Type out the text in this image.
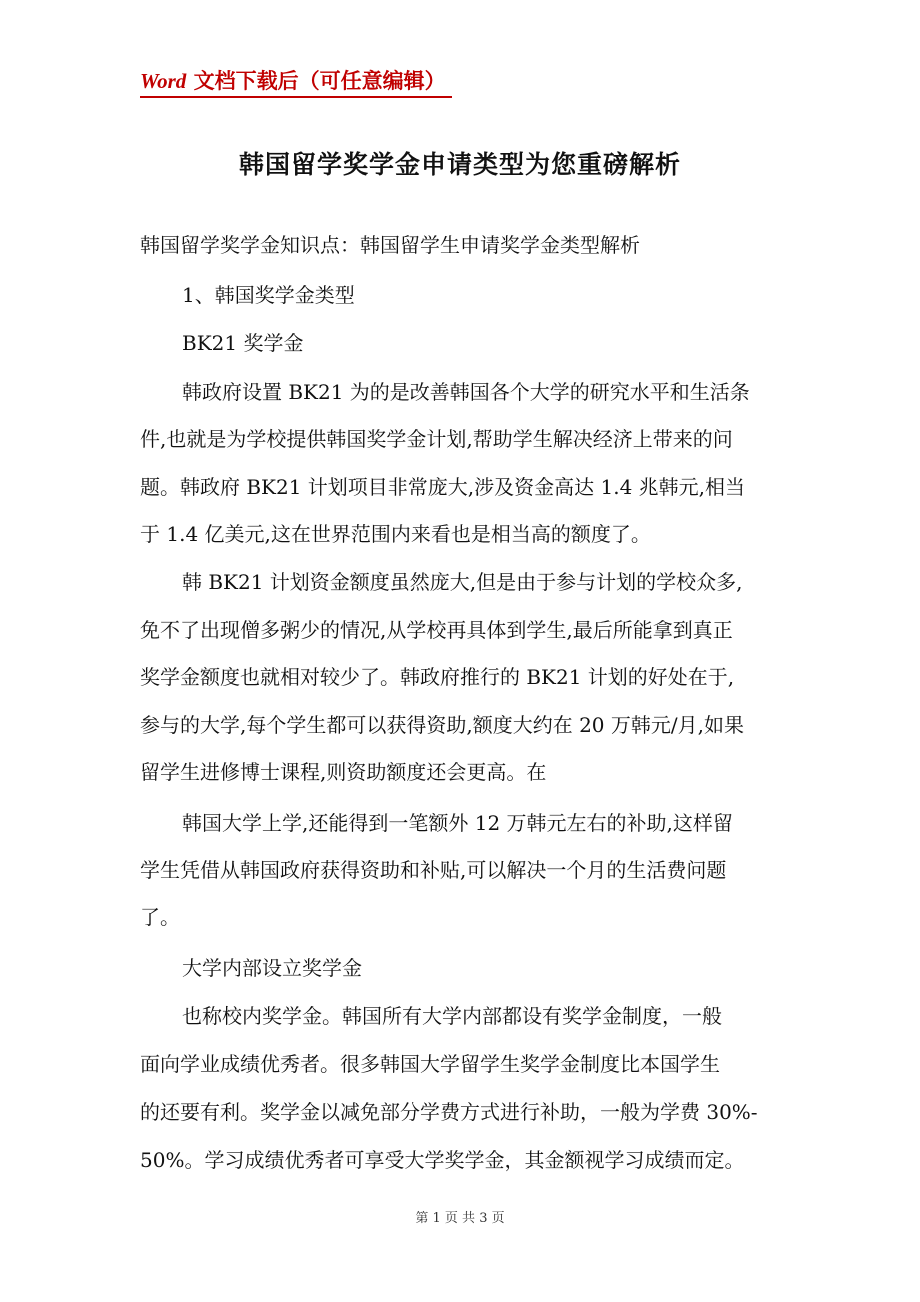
Word 文档下载后（可任意编辑）
韩国留学奖学金申请类型为您重磅解析
韩国留学奖学金知识点：韩国留学生申请奖学金类型解析
1、韩国奖学金类型
BK21 奖学金
韩政府设置 BK21 为的是改善韩国各个大学的研究水平和生活条
件,也就是为学校提供韩国奖学金计划,帮助学生解决经济上带来的问
题。韩政府 BK21 计划项目非常庞大,涉及资金高达 1.4 兆韩元,相当
于 1.4 亿美元,这在世界范围内来看也是相当高的额度了。
韩 BK21 计划资金额度虽然庞大,但是由于参与计划的学校众多,
免不了出现僧多粥少的情况,从学校再具体到学生,最后所能拿到真正
奖学金额度也就相对较少了。韩政府推行的 BK21 计划的好处在于,
参与的大学,每个学生都可以获得资助,额度大约在 20 万韩元/月,如果
留学生进修博士课程,则资助额度还会更高。在
韩国大学上学,还能得到一笔额外 12 万韩元左右的补助,这样留
学生凭借从韩国政府获得资助和补贴,可以解决一个月的生活费问题
了。
大学内部设立奖学金
也称校内奖学金。韩国所有大学内部都设有奖学金制度，一般
面向学业成绩优秀者。很多韩国大学留学生奖学金制度比本国学生
的还要有利。奖学金以减免部分学费方式进行补助，一般为学费 30%-
50%。学习成绩优秀者可享受大学奖学金，其金额视学习成绩而定。
第 1 页 共 3 页
